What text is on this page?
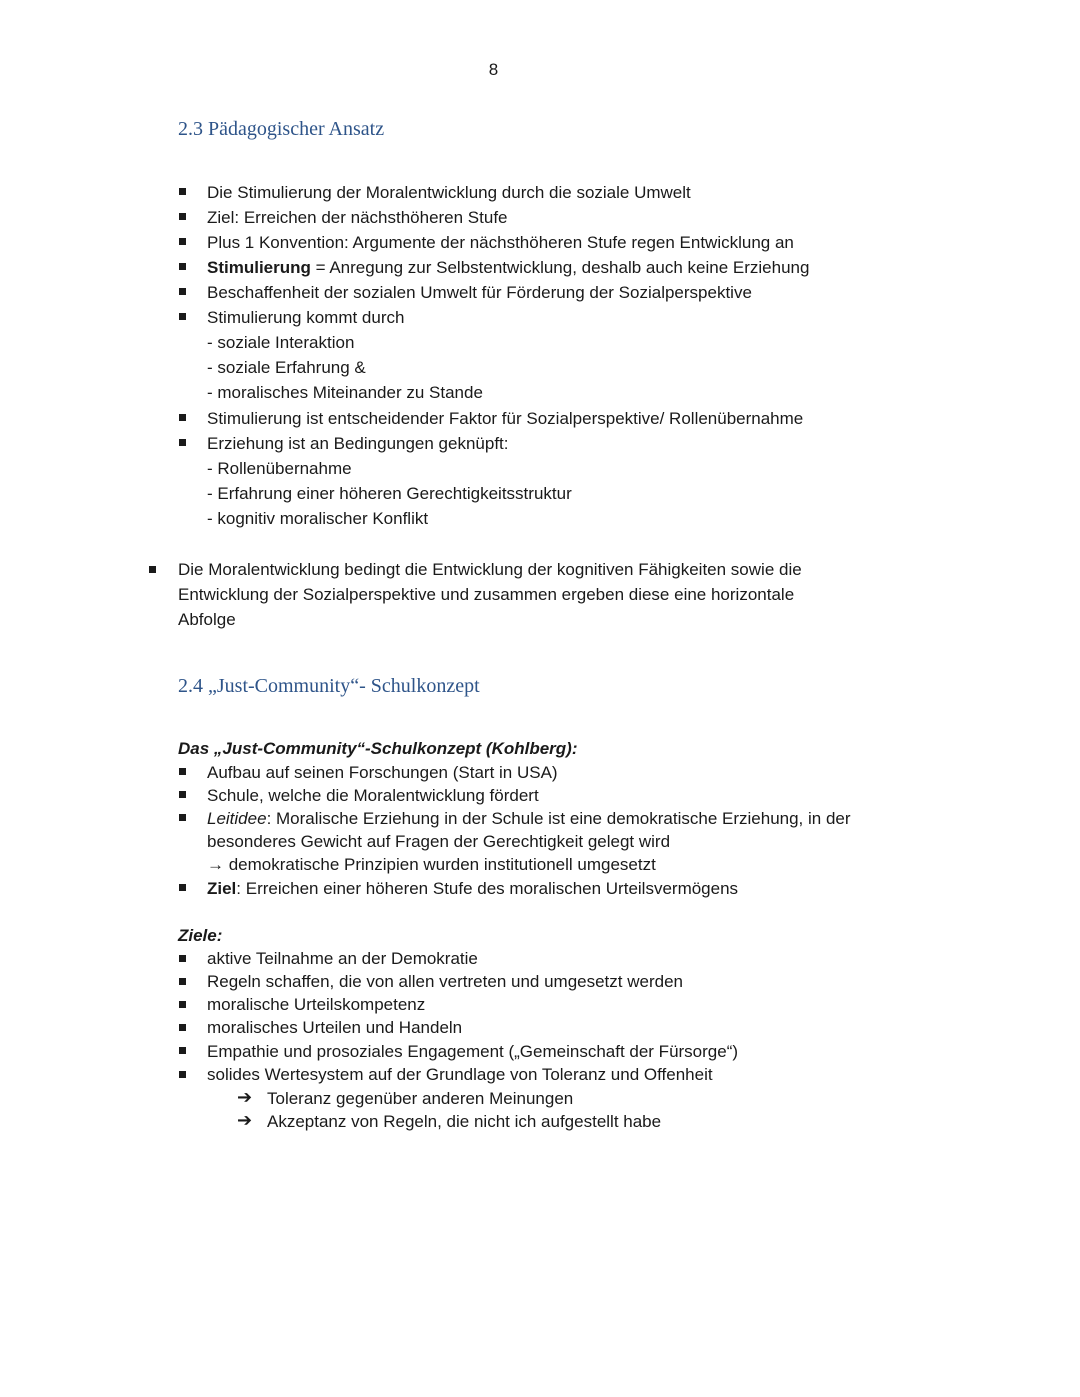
8
2.3 Pädagogischer Ansatz
Die Stimulierung der Moralentwicklung durch die soziale Umwelt
Ziel: Erreichen der nächsthöheren Stufe
Plus 1 Konvention: Argumente der nächsthöheren Stufe regen Entwicklung an
Stimulierung = Anregung zur Selbstentwicklung, deshalb auch keine Erziehung
Beschaffenheit der sozialen Umwelt für Förderung der Sozialperspektive
Stimulierung kommt durch
- soziale Interaktion
- soziale Erfahrung &
- moralisches Miteinander zu Stande
Stimulierung ist entscheidender Faktor für Sozialperspektive/ Rollenübernahme
Erziehung ist an Bedingungen geknüpft:
- Rollenübernahme
- Erfahrung einer höheren Gerechtigkeitsstruktur
- kognitiv moralischer Konflikt
Die Moralentwicklung bedingt die Entwicklung der kognitiven Fähigkeiten sowie die
Entwicklung der Sozialperspektive und zusammen ergeben diese eine horizontale
Abfolge
2.4 „Just-Community“- Schulkonzept
Das „Just-Community“-Schulkonzept (Kohlberg):
Aufbau auf seinen Forschungen (Start in USA)
Schule, welche die Moralentwicklung fördert
Leitidee: Moralische Erziehung in der Schule ist eine demokratische Erziehung, in der
besonderes Gewicht auf Fragen der Gerechtigkeit gelegt wird
→ demokratische Prinzipien wurden institutionell umgesetzt
Ziel: Erreichen einer höheren Stufe des moralischen Urteilsvermögens
Ziele:
aktive Teilnahme an der Demokratie
Regeln schaffen, die von allen vertreten und umgesetzt werden
moralische Urteilskompetenz
moralisches Urteilen und Handeln
Empathie und prosoziales Engagement („Gemeinschaft der Fürsorge“)
solides Wertesystem auf der Grundlage von Toleranz und Offenheit
➔ Toleranz gegenüber anderen Meinungen
➔ Akzeptanz von Regeln, die nicht ich aufgestellt habe
